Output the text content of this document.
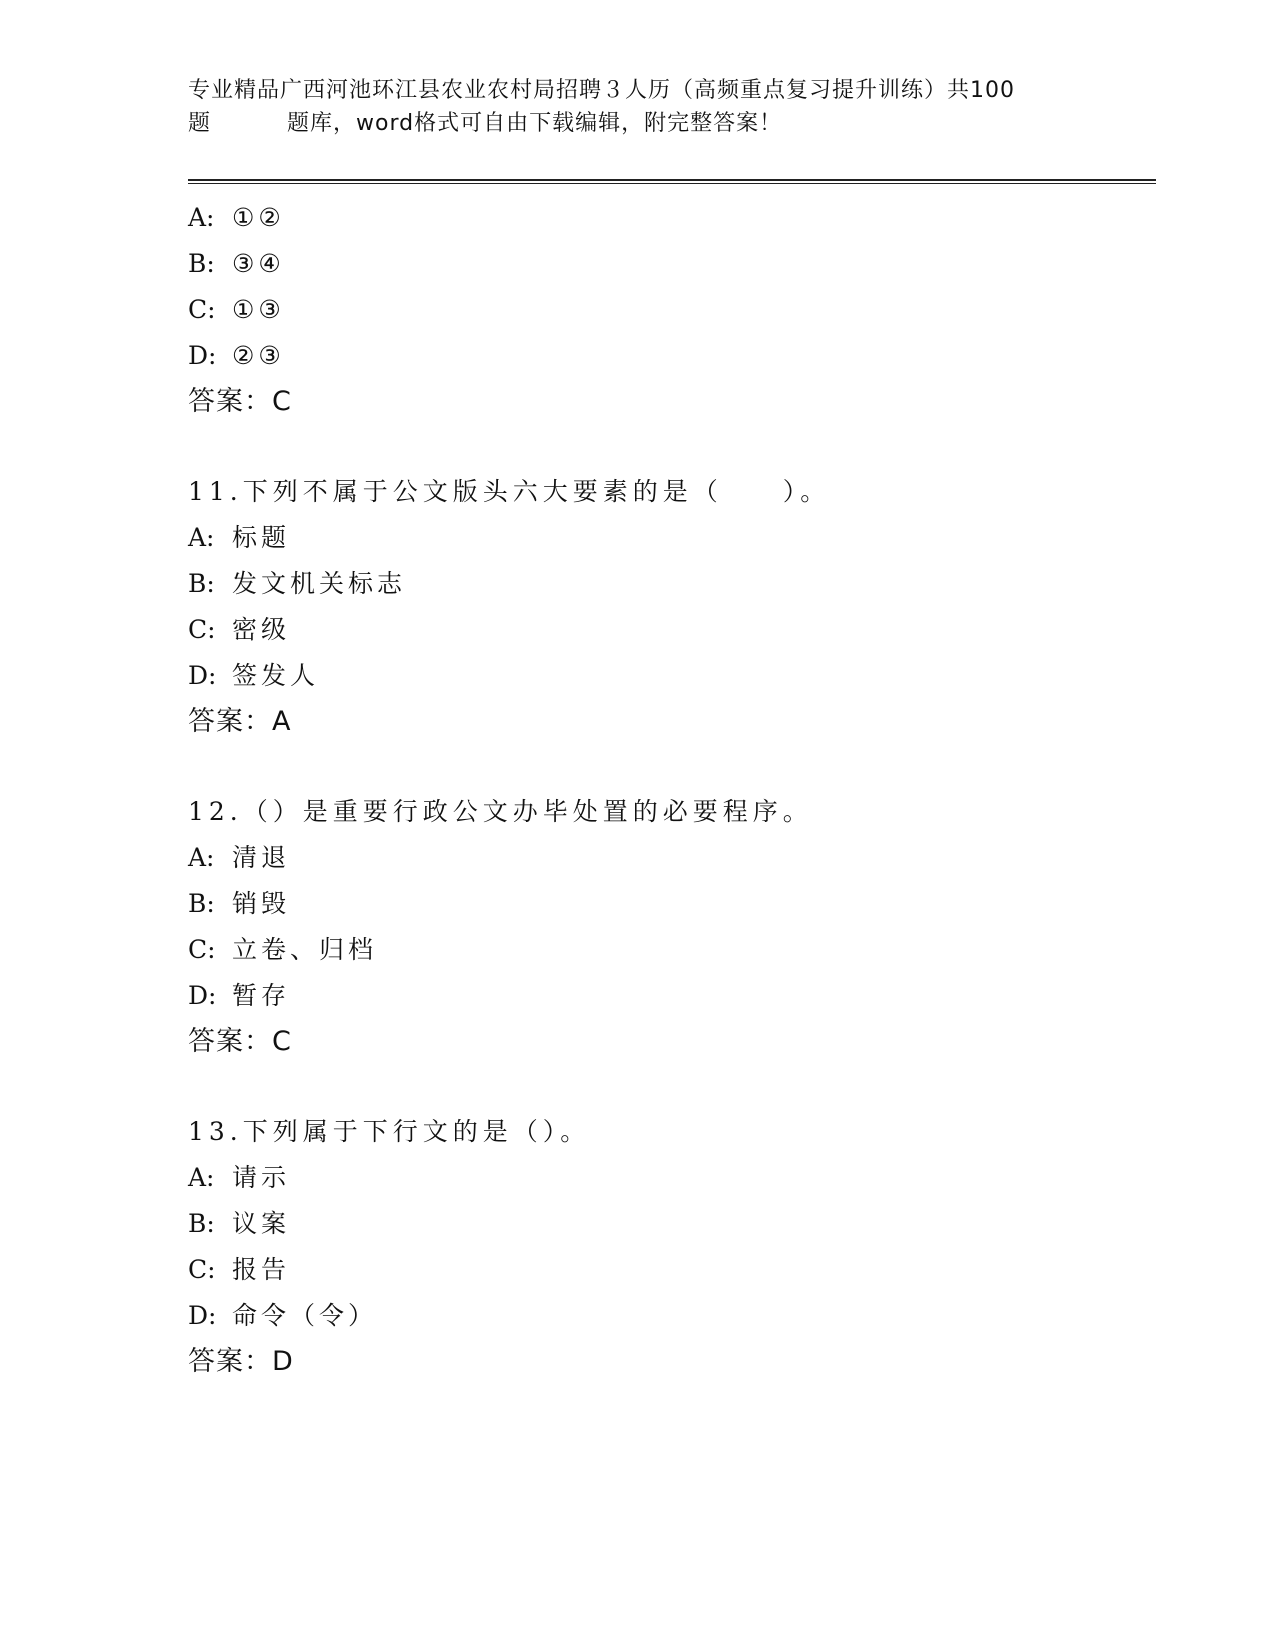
专业精品广西河池环江县农业农村局招聘３人历（高频重点复习提升训练）共100
题	题库，word格式可自由下载编辑，附完整答案！
A: ①②
B: ③④
C: ①③
D: ②③
答案：C
11.下列不属于公文版头六大要素的是（　　）。
A: 标题
B: 发文机关标志
C: 密级
D: 签发人
答案：A
12.（）是重要行政公文办毕处置的必要程序。
A: 清退
B: 销毁
C: 立卷、归档
D: 暂存
答案：C
13.下列属于下行文的是（）。
A: 请示
B: 议案
C: 报告
D: 命令（令）
答案：D
